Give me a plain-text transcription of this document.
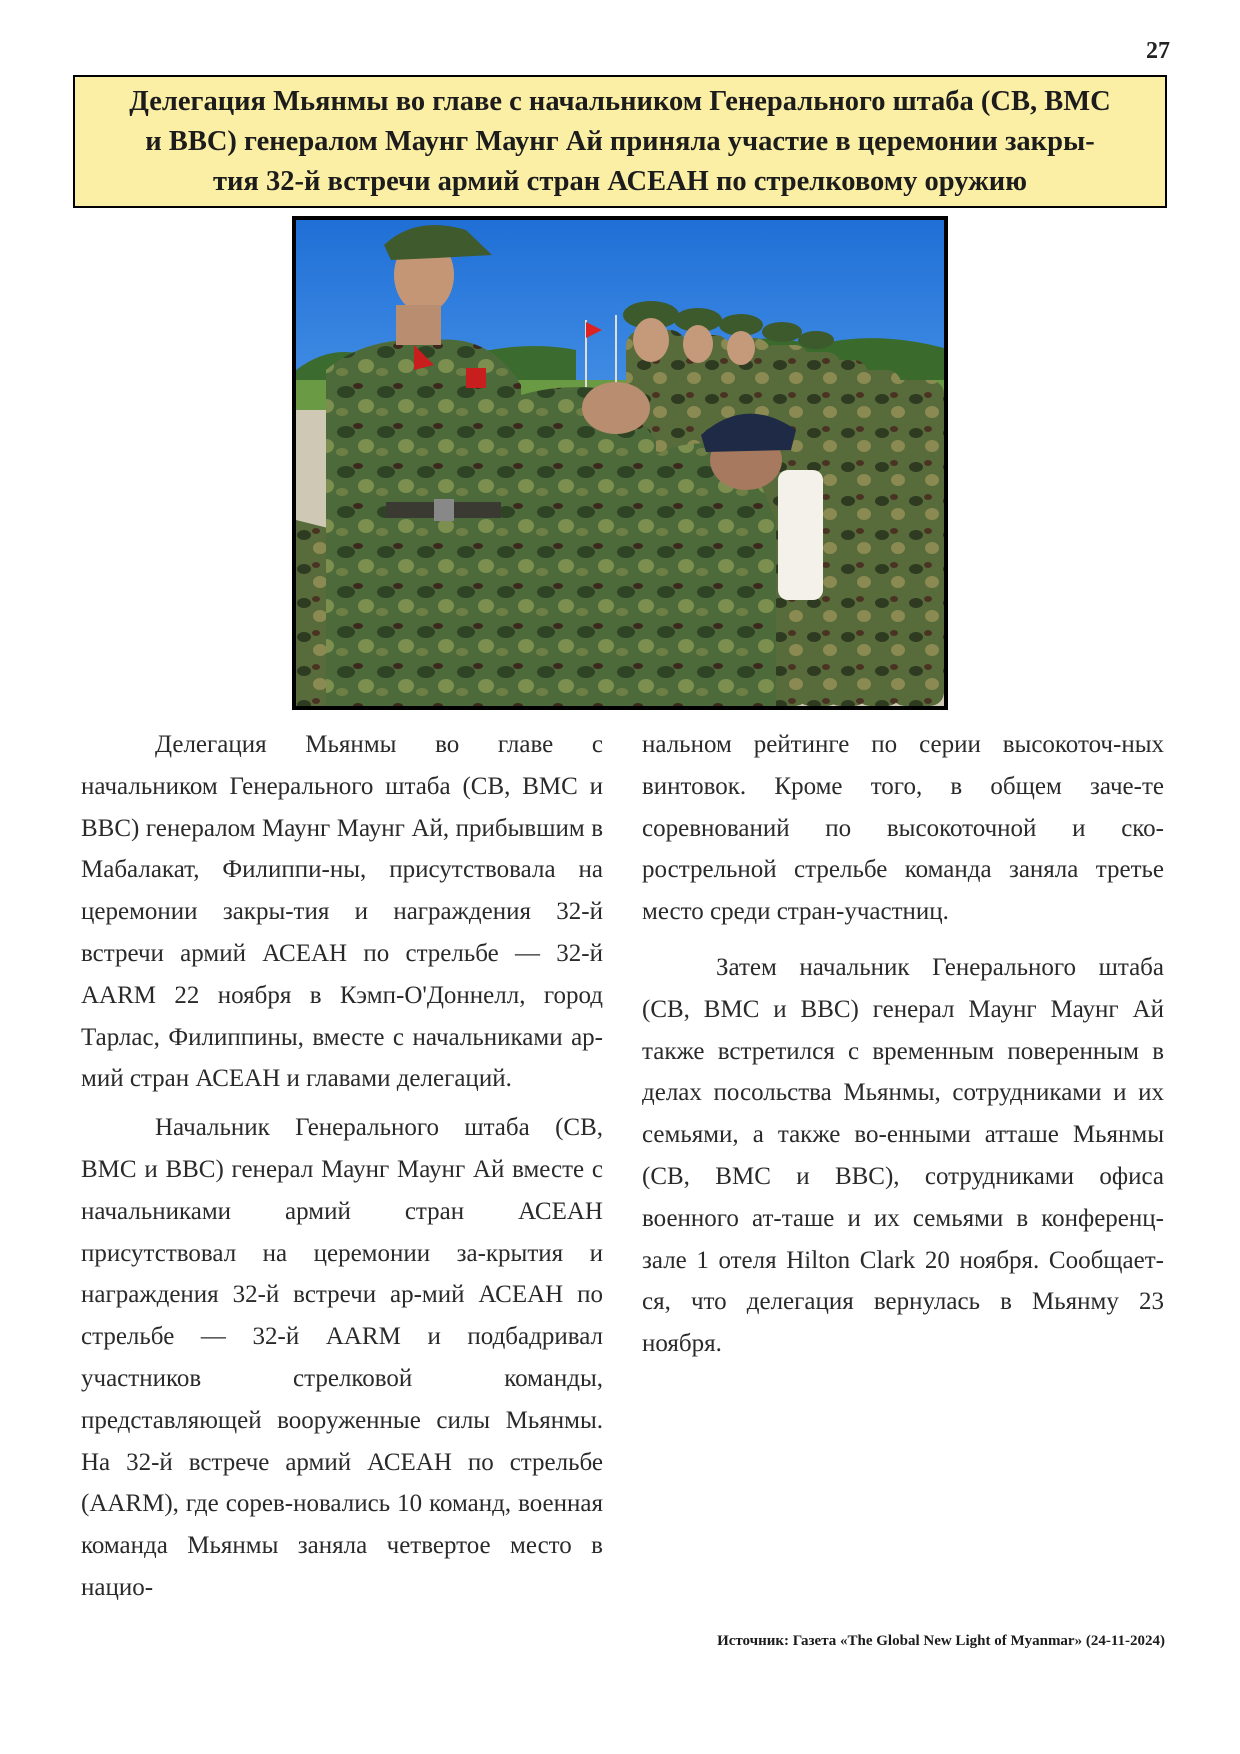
27
Делегация Мьянмы во главе с начальником Генерального штаба (СВ, ВМС
и ВВС) генералом Маунг Маунг Ай приняла участие в церемонии закры-
тия 32-й встречи армий стран АСЕАН по стрелковому оружию

Делегация Мьянмы во главе с начальником Генерального штаба (СВ, ВМС и ВВС) генералом Маунг Маунг Ай, прибывшим в Мабалакат, Филиппи-ны, присутствовала на церемонии закры-тия и награждения 32-й встречи армий АСЕАН по стрельбе — 32-й AARM 22 ноября в Кэмп-О'Доннелл, город Тарлас, Филиппины, вместе с начальниками ар-мий стран АСЕАН и главами делегаций.

Начальник Генерального штаба (СВ, ВМС и ВВС) генерал Маунг Маунг Ай вместе с начальниками армий стран АСЕАН присутствовал на церемонии за-крытия и награждения 32-й встречи ар-мий АСЕАН по стрельбе — 32-й AARM и подбадривал участников стрелковой команды, представляющей вооруженные силы Мьянмы. На 32-й встрече армий АСЕАН по стрельбе (AARM), где сорев-новались 10 команд, военная команда Мьянмы заняла четвертое место в нацио-

нальном рейтинге по серии высокоточ-ных винтовок. Кроме того, в общем заче-те соревнований по высокоточной и ско-рострельной стрельбе команда заняла третье место среди стран-участниц.

Затем начальник Генерального штаба (СВ, ВМС и ВВС) генерал Маунг Маунг Ай также встретился с временным поверенным в делах посольства Мьянмы, сотрудниками и их семьями, а также во-енными атташе Мьянмы (СВ, ВМС и ВВС), сотрудниками офиса военного ат-таше и их семьями в конференц-зале 1 отеля Hilton Clark 20 ноября. Сообщает-ся, что делегация вернулась в Мьянму 23 ноября.

Источник: Газета «The Global New Light of Myanmar» (24-11-2024)
